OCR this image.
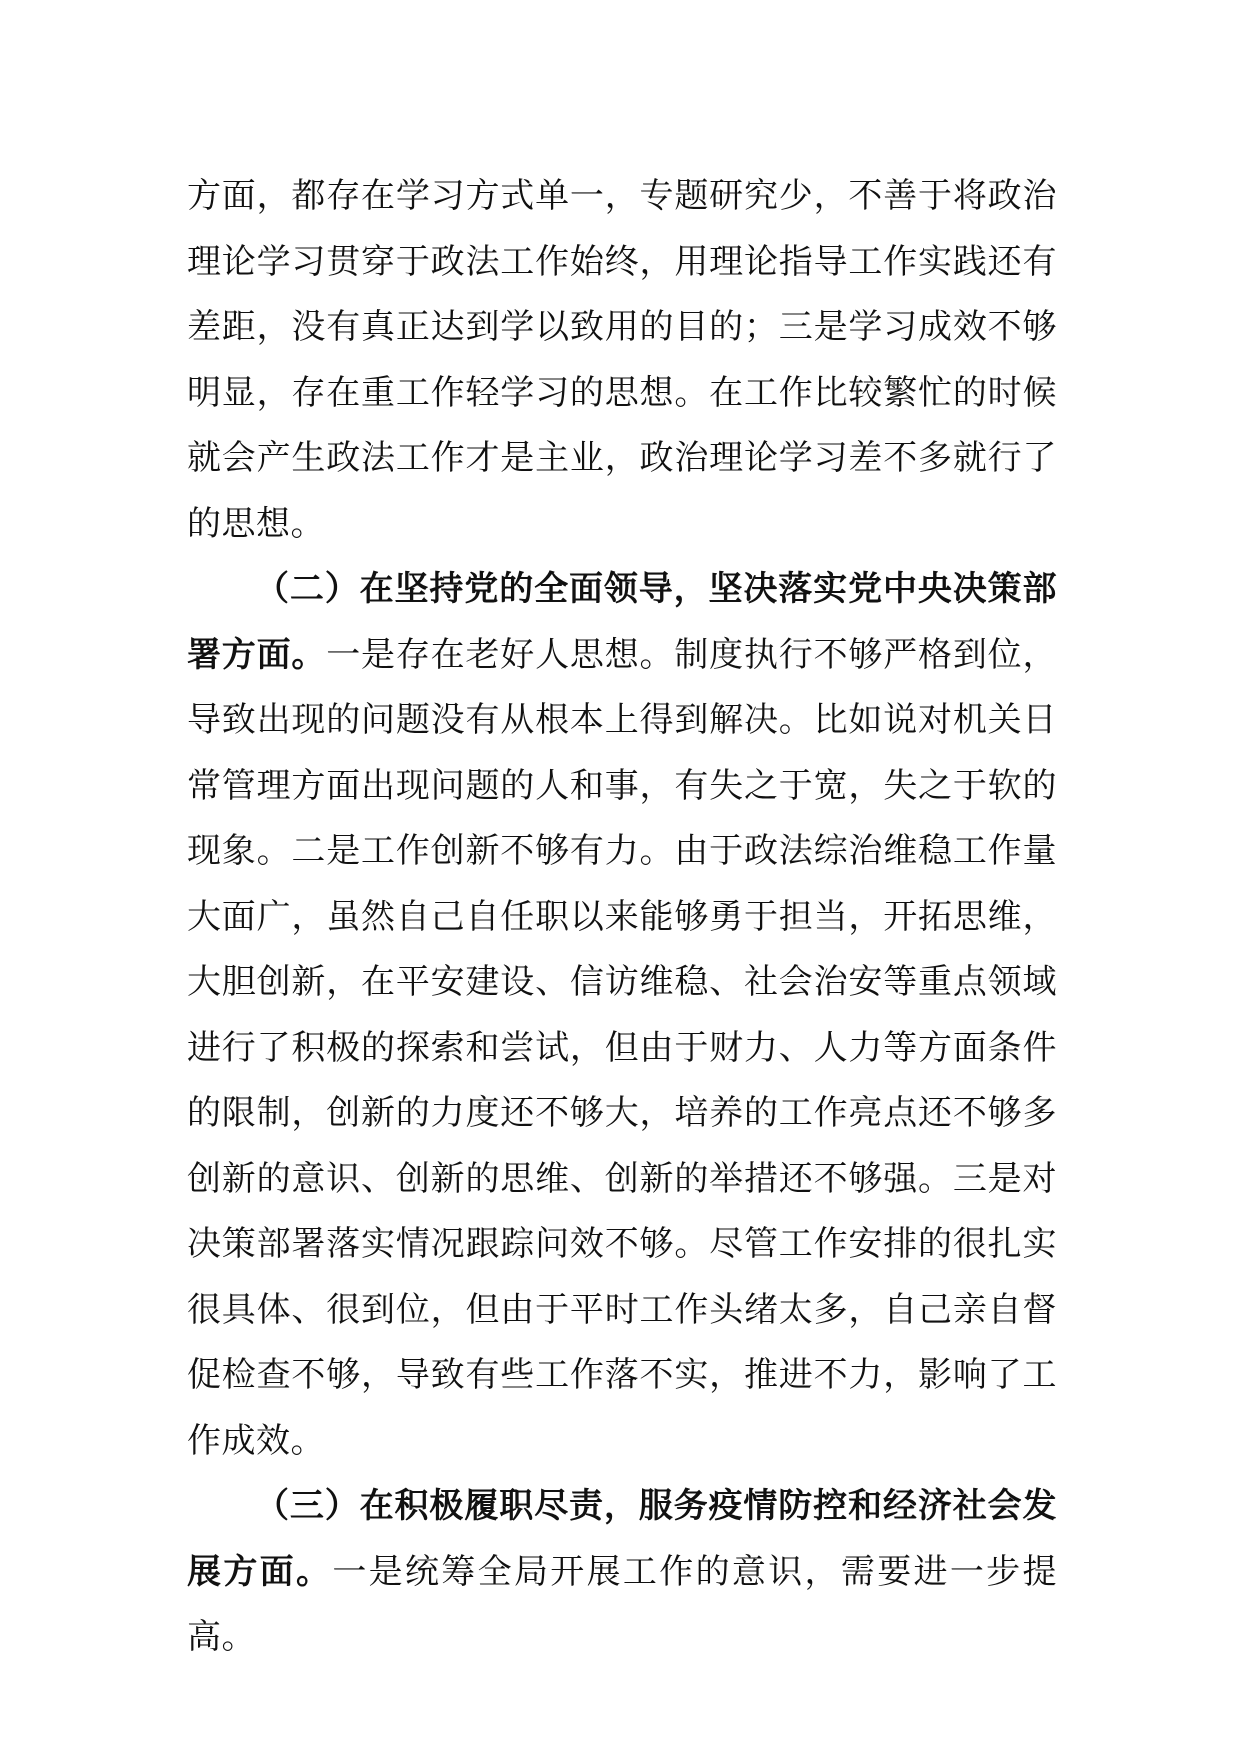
方面，都存在学习方式单一，专题研究少，不善于将政治理论学习贯穿于政法工作始终，用理论指导工作实践还有差距，没有真正达到学以致用的目的；三是学习成效不够明显，存在重工作轻学习的思想。在工作比较繁忙的时候就会产生政法工作才是主业，政治理论学习差不多就行了的思想。

（二）在坚持党的全面领导，坚决落实党中央决策部署方面。一是存在老好人思想。制度执行不够严格到位，导致出现的问题没有从根本上得到解决。比如说对机关日常管理方面出现问题的人和事，有失之于宽，失之于软的现象。二是工作创新不够有力。由于政法综治维稳工作量大面广，虽然自己自任职以来能够勇于担当，开拓思维，大胆创新，在平安建设、信访维稳、社会治安等重点领域进行了积极的探索和尝试，但由于财力、人力等方面条件的限制，创新的力度还不够大，培养的工作亮点还不够多创新的意识、创新的思维、创新的举措还不够强。三是对决策部署落实情况跟踪问效不够。尽管工作安排的很扎实很具体、很到位，但由于平时工作头绪太多，自己亲自督促检查不够，导致有些工作落不实，推进不力，影响了工作成效。

（三）在积极履职尽责，服务疫情防控和经济社会发展方面。一是统筹全局开展工作的意识，需要进一步提高。
